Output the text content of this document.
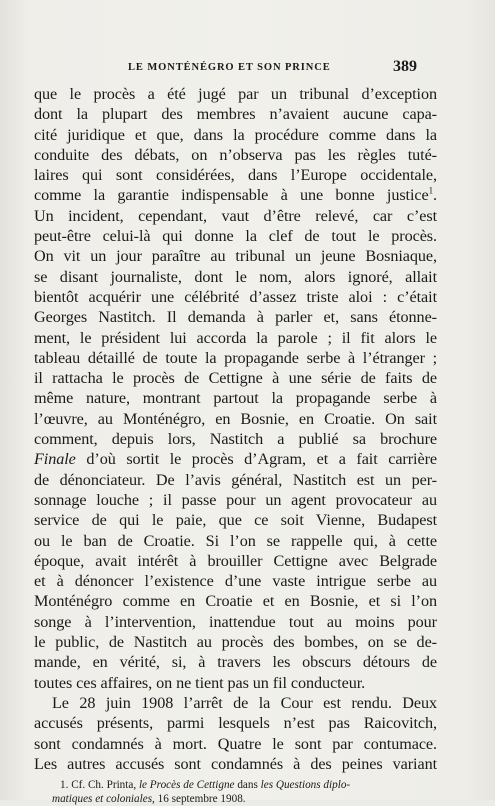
LE MONTÉNÉGRO ET SON PRINCE	389
que le procès a été jugé par un tribunal d’exception
dont la plupart des membres n’avaient aucune capa-
cité juridique et que, dans la procédure comme dans la
conduite des débats, on n’observa pas les règles tuté-
laires qui sont considérées, dans l’Europe occidentale,
comme la garantie indispensable à une bonne justice$^1$.
Un incident, cependant, vaut d’être relevé, car c’est
peut-être celui-là qui donne la clef de tout le procès.
On vit un jour paraître au tribunal un jeune Bosniaque,
se disant journaliste, dont le nom, alors ignoré, allait
bientôt acquérir une célébrité d’assez triste aloi : c’était
Georges Nastitch. Il demanda à parler et, sans étonne-
ment, le président lui accorda la parole ; il fit alors le
tableau détaillé de toute la propagande serbe à l’étranger ;
il rattacha le procès de Cettigne à une série de faits de
même nature, montrant partout la propagande serbe à
l’œuvre, au Monténégro, en Bosnie, en Croatie. On sait
comment, depuis lors, Nastitch a publié sa brochure
Finale d’où sortit le procès d’Agram, et a fait carrière
de dénonciateur. De l’avis général, Nastitch est un per-
sonnage louche ; il passe pour un agent provocateur au
service de qui le paie, que ce soit Vienne, Budapest
ou le ban de Croatie. Si l’on se rappelle qui, à cette
époque, avait intérêt à brouiller Cettigne avec Belgrade
et à dénoncer l’existence d’une vaste intrigue serbe au
Monténégro comme en Croatie et en Bosnie, et si l’on
songe à l’intervention, inattendue tout au moins pour
le public, de Nastitch au procès des bombes, on se de-
mande, en vérité, si, à travers les obscurs détours de
toutes ces affaires, on ne tient pas un fil conducteur.
Le 28 juin 1908 l’arrêt de la Cour est rendu. Deux
accusés présents, parmi lesquels n’est pas Raicovitch,
sont condamnés à mort. Quatre le sont par contumace.
Les autres accusés sont condamnés à des peines variant
1. Cf. Ch. Printa, le Procès de Cettigne dans les Questions diplo-
matiques et coloniales, 16 septembre 1908.
